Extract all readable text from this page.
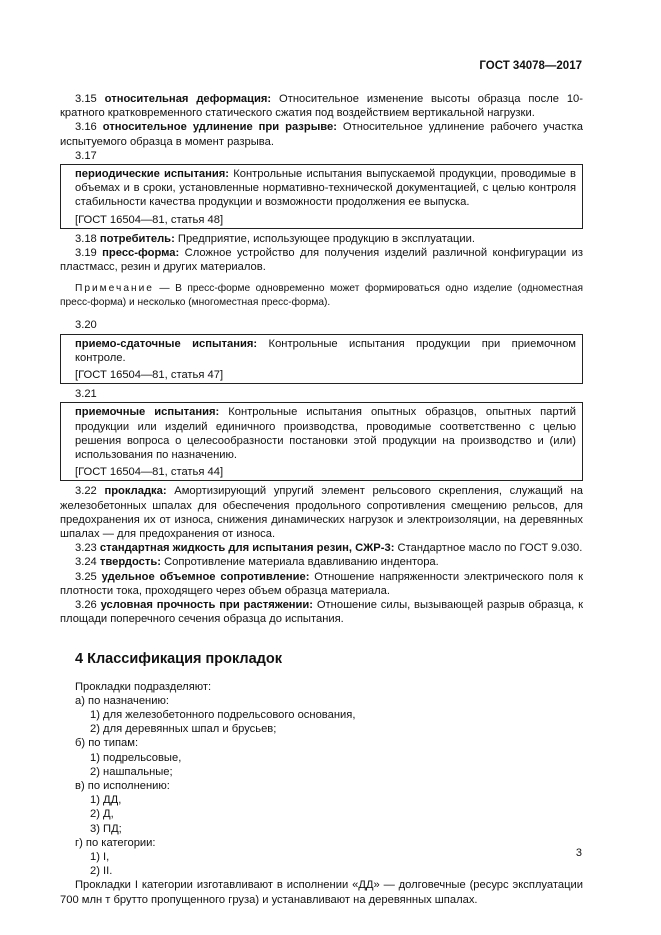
ГОСТ 34078—2017

3.15 относительная деформация: Относительное изменение высоты образца после 10-кратного кратковременного статического сжатия под воздействием вертикальной нагрузки.

3.16 относительное удлинение при разрыве: Относительное удлинение рабочего участка испытуемого образца в момент разрыва.

3.17

периодические испытания: Контрольные испытания выпускаемой продукции, проводимые в объемах и в сроки, установленные нормативно-технической документацией, с целью контроля стабильности качества продукции и возможности продолжения ее выпуска.

[ГОСТ 16504—81, статья 48]

3.18 потребитель: Предприятие, использующее продукцию в эксплуатации.

3.19 пресс-форма: Сложное устройство для получения изделий различной конфигурации из пластмасс, резин и других материалов.

Примечание — В пресс-форме одновременно может формироваться одно изделие (одноместная пресс-форма) и несколько (многоместная пресс-форма).

3.20

приемо-сдаточные испытания: Контрольные испытания продукции при приемочном контроле.

[ГОСТ 16504—81, статья 47]

3.21

приемочные испытания: Контрольные испытания опытных образцов, опытных партий продукции или изделий единичного производства, проводимые соответственно с целью решения вопроса о целесообразности постановки этой продукции на производство и (или) использования по назначению.

[ГОСТ 16504—81, статья 44]

3.22 прокладка: Амортизирующий упругий элемент рельсового скрепления, служащий на железобетонных шпалах для обеспечения продольного сопротивления смещению рельсов, для предохранения их от износа, снижения динамических нагрузок и электроизоляции, на деревянных шпалах — для предохранения от износа.

3.23 стандартная жидкость для испытания резин, СЖР-3: Стандартное масло по ГОСТ 9.030.

3.24 твердость: Сопротивление материала вдавливанию индентора.

3.25 удельное объемное сопротивление: Отношение напряженности электрического поля к плотности тока, проходящего через объем образца материала.

3.26 условная прочность при растяжении: Отношение силы, вызывающей разрыв образца, к площади поперечного сечения образца до испытания.

4 Классификация прокладок

Прокладки подразделяют:

а) по назначению:

1) для железобетонного подрельсового основания,

2) для деревянных шпал и брусьев;

б) по типам:

1) подрельсовые,

2) нашпальные;

в) по исполнению:

1) ДД,

2) Д,

3) ПД;

г) по категории:

1) I,

2) II.

Прокладки I категории изготавливают в исполнении «ДД» — долговечные (ресурс эксплуатации 700 млн т брутто пропущенного груза) и устанавливают на деревянных шпалах.

3
